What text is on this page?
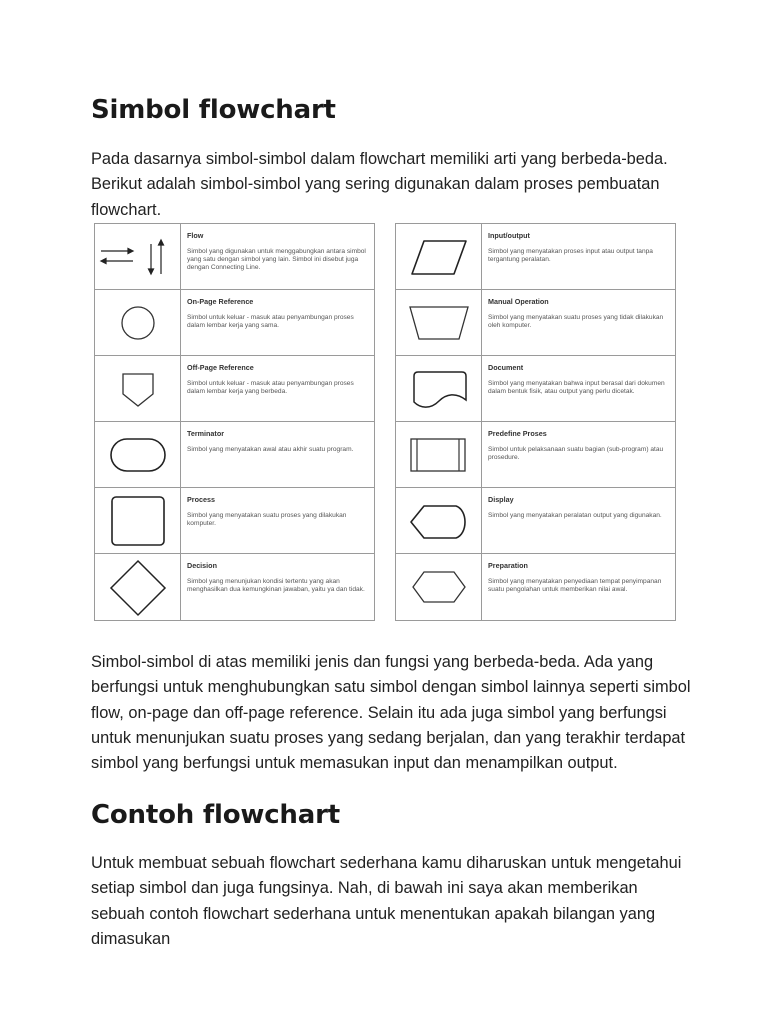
Simbol flowchart

Pada dasarnya simbol-simbol dalam flowchart memiliki arti yang berbeda-beda. Berikut adalah simbol-simbol yang sering digunakan dalam proses pembuatan flowchart.

Flow

Simbol yang digunakan untuk menggabungkan antara simbol yang satu dengan simbol yang lain. Simbol ini disebut juga dengan Connecting Line.

On-Page Reference

Simbol untuk keluar - masuk atau penyambungan proses dalam lembar kerja yang sama.

Off-Page Reference

Simbol untuk keluar - masuk atau penyambungan proses dalam lembar kerja yang berbeda.

Terminator

Simbol yang menyatakan awal atau akhir suatu program.

Process

Simbol yang menyatakan suatu proses yang dilakukan komputer.

Decision

Simbol yang menunjukan kondisi tertentu yang akan menghasilkan dua kemungkinan jawaban, yaitu ya dan tidak.

Input/output

Simbol yang menyatakan proses input atau output tanpa tergantung peralatan.

Manual Operation

Simbol yang menyatakan suatu proses yang tidak dilakukan oleh komputer.

Document

Simbol yang menyatakan bahwa input berasal dari dokumen dalam bentuk fisik, atau output yang perlu dicetak.

Predefine Proses

Simbol untuk pelaksanaan suatu bagian (sub-program) atau prosedure.

Display

Simbol yang menyatakan peralatan output yang digunakan.

Preparation

Simbol yang menyatakan penyediaan tempat penyimpanan suatu pengolahan untuk memberikan nilai awal.

Simbol-simbol di atas memiliki jenis dan fungsi yang berbeda-beda. Ada yang berfungsi untuk menghubungkan satu simbol dengan simbol lainnya seperti simbol flow, on-page dan off-page reference. Selain itu ada juga simbol yang berfungsi untuk menunjukan suatu proses yang sedang berjalan, dan yang terakhir terdapat simbol yang berfungsi untuk memasukan input dan menampilkan output.

Contoh flowchart

Untuk membuat sebuah flowchart sederhana kamu diharuskan untuk mengetahui setiap simbol dan juga fungsinya. Nah, di bawah ini saya akan memberikan sebuah contoh flowchart sederhana untuk menentukan apakah bilangan yang dimasukan
